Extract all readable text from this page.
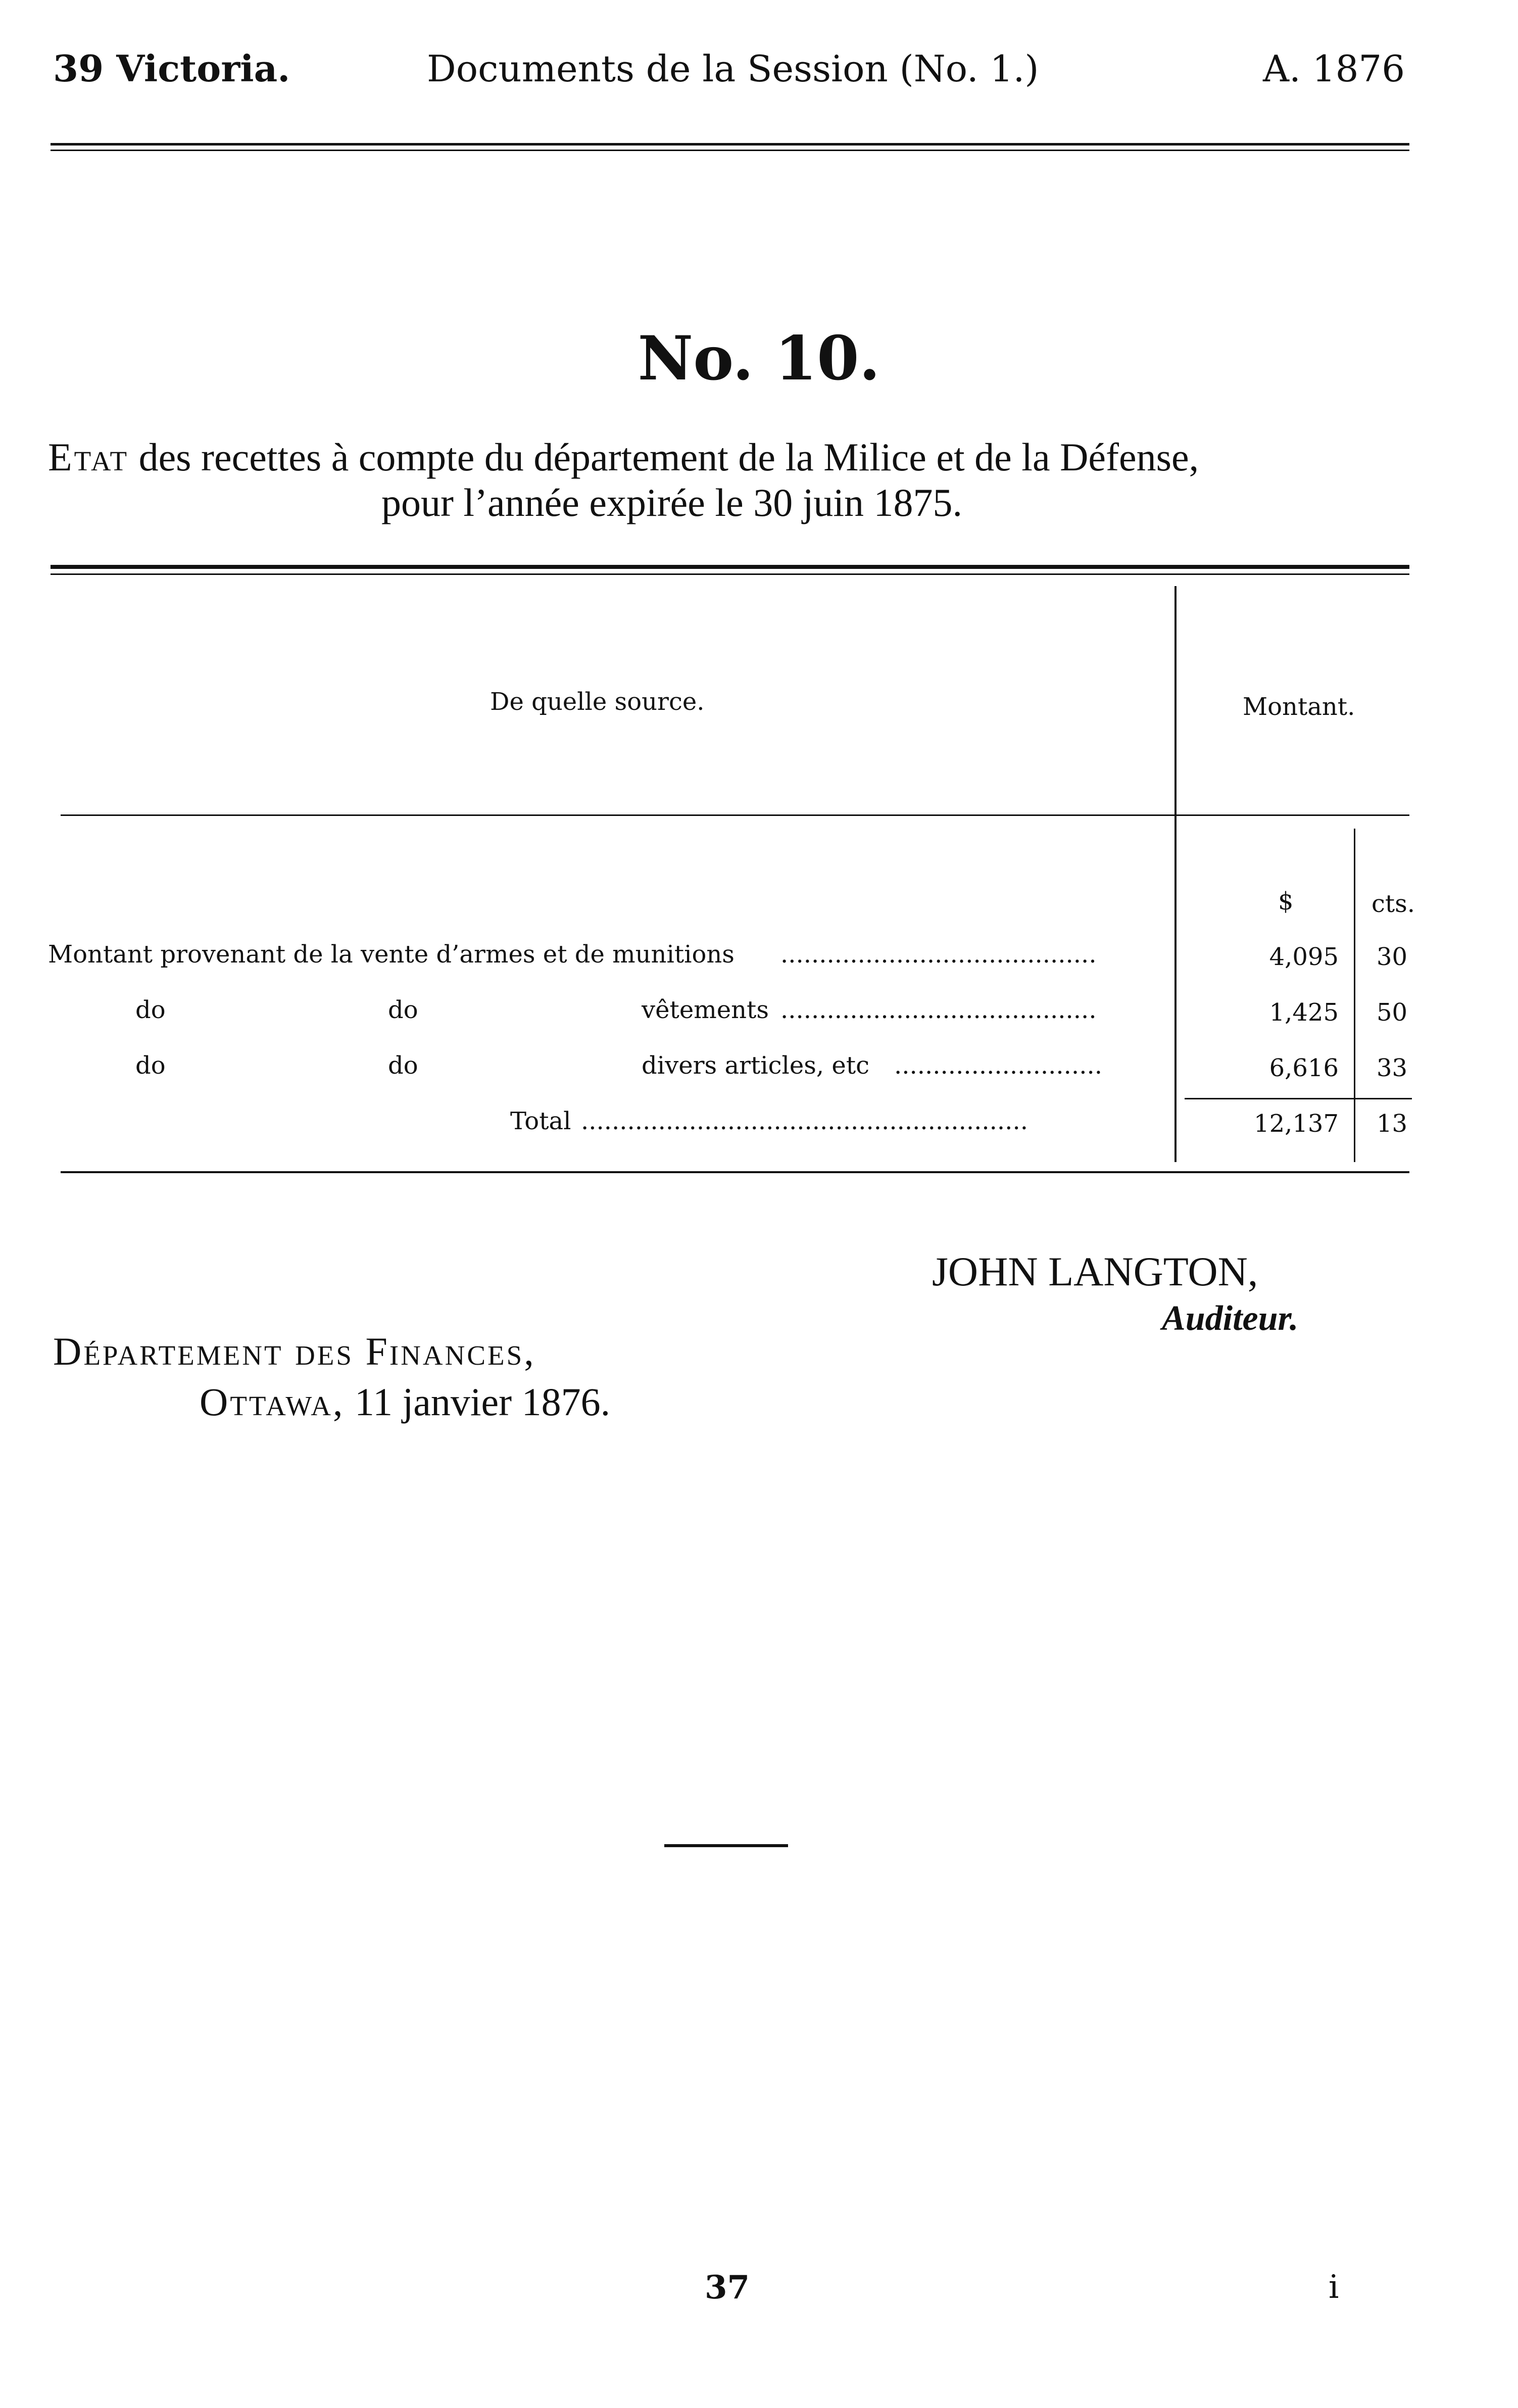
39 Victoria.	Documents de la Session (No. 1.)	A. 1876
No. 10.
Etat des recettes à compte du département de la Milice et de la Défense,
pour l’année expirée le 30 juin 1875.
De quelle source.	Montant.
$	cts.
Montant provenant de la vente d’armes et de munitions .........................................	4,095 30
do	do	vêtements .........................................	1,425 50
do	do	divers articles, etc ...........................	6,616 33
Total ..........................................................	12,137 13
JOHN LANGTON,
Auditeur.
Département des Finances,
Ottawa, 11 janvier 1876.
37	i
